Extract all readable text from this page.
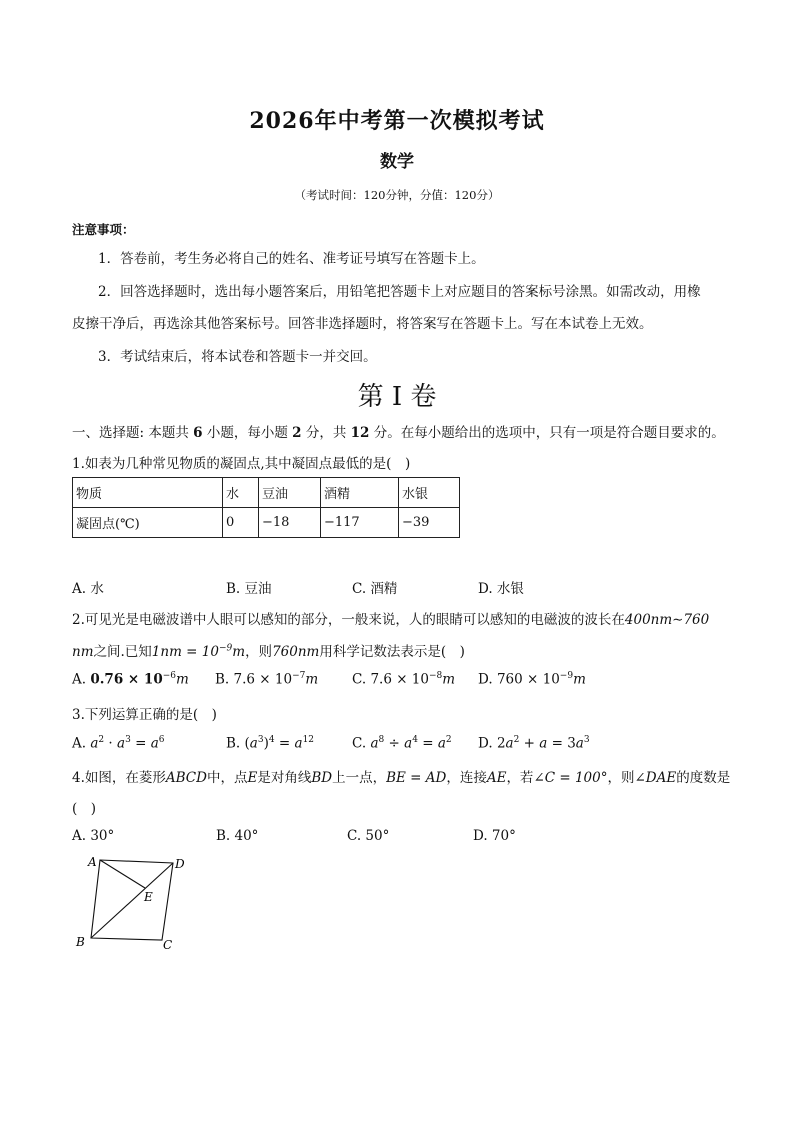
2026年中考第一次模拟考试
数学
（考试时间：120分钟，分值：120分）
注意事项：
1．答卷前，考生务必将自己的姓名、准考证号填写在答题卡上。
2．回答选择题时，选出每小题答案后，用铅笔把答题卡上对应题目的答案标号涂黑。如需改动，用橡
皮擦干净后，再选涂其他答案标号。回答非选择题时，将答案写在答题卡上。写在本试卷上无效。
3．考试结束后，将本试卷和答题卡一并交回。
第 I 卷
一、选择题: 本题共 6 小题，每小题 2 分，共 12 分。在每小题给出的选项中，只有一项是符合题目要求的。
1.如表为几种常见物质的凝固点,其中凝固点最低的是(　)
物质	水	豆油	酒精	水银
凝固点(℃)	0	−18	−117	−39
A. 水	B. 豆油	C. 酒精	D. 水银
2.可见光是电磁波谱中人眼可以感知的部分，一般来说，人的眼睛可以感知的电磁波的波长在400nm∼760
nm之间.已知$1nm = 10^{-9}m$，则760nm用科学记数法表示是(　)
A. $0.76 \times 10^{-6}m$ B. $7.6 \times 10^{-7}m$	C. $7.6 \times 10^{-8}m$ D. $760 \times 10^{-9}m$
3.下列运算正确的是(　)
A. $a^2 \cdot a^3 = a^6$	B. $(a^3)^4 = a^{12}$	C. $a^8 \div a^4 = a^2$ D. $2a^2 + a = 3a^3$
4.如图，在菱形ABCD中，点E是对角线BD上一点，BE = AD，连接AE，若∠C = 100°，则∠DAE的度数是
(　)
A. 30°	B. 40°	C. 50°	D. 70°
A	D
E
B	C
